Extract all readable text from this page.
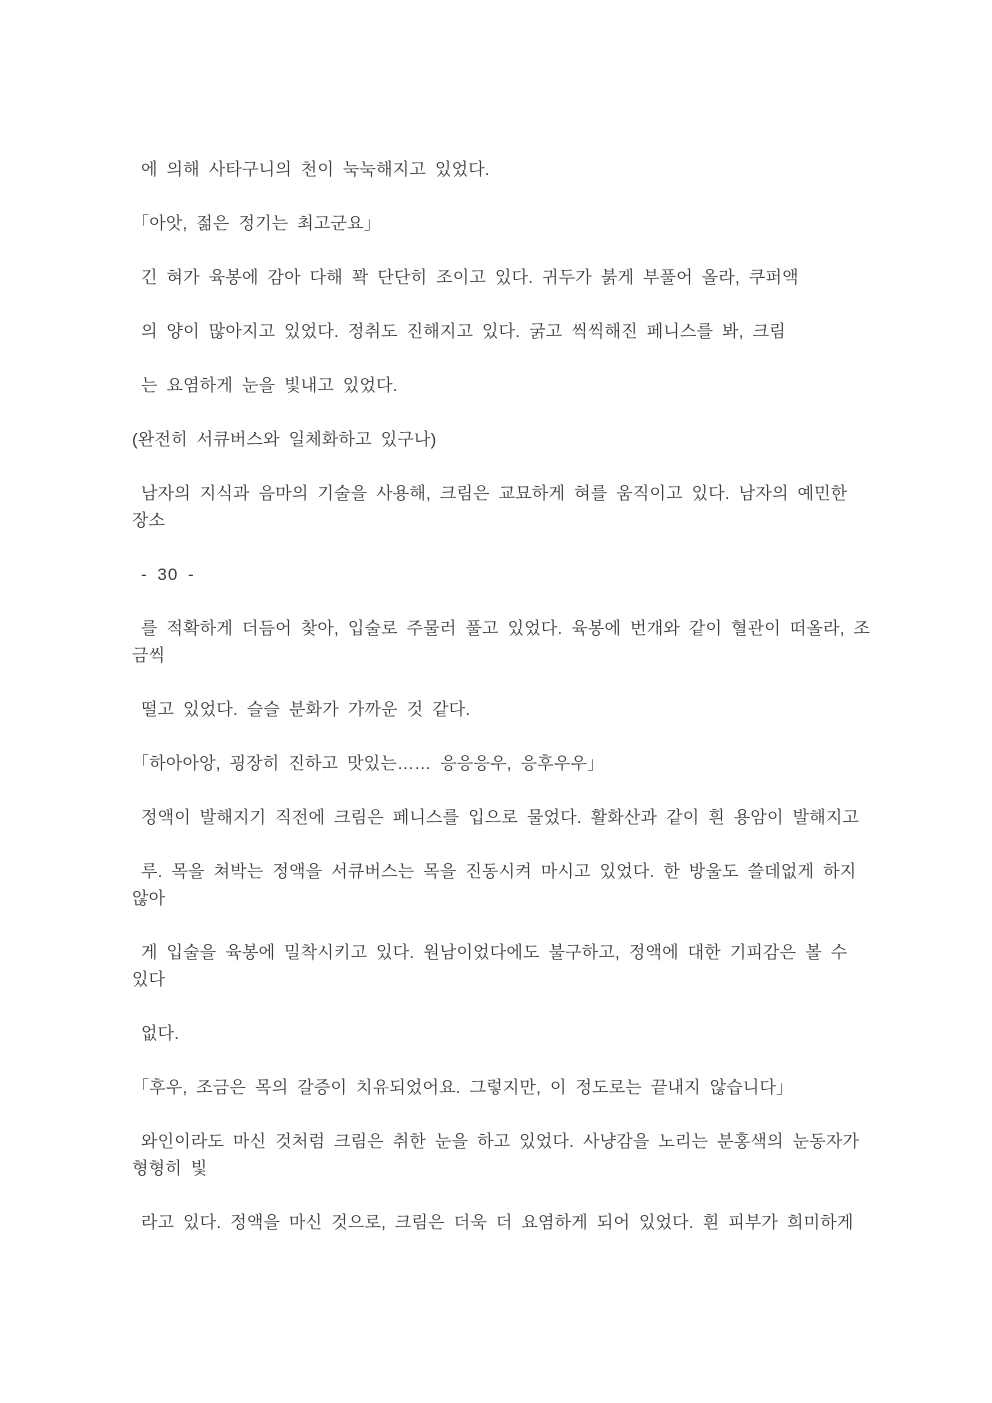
에 의해 사타구니의 천이 눅눅해지고 있었다.
「아앗, 젊은 정기는 최고군요」
긴 혀가 육봉에 감아 다해 꽉 단단히 조이고 있다. 귀두가 붉게 부풀어 올라, 쿠퍼액
의 양이 많아지고 있었다. 정취도 진해지고 있다. 굵고 씩씩해진 페니스를 봐, 크림
는 요염하게 눈을 빛내고 있었다.
(완전히 서큐버스와 일체화하고 있구나)
남자의 지식과 음마의 기술을 사용해, 크림은 교묘하게 혀를 움직이고 있다. 남자의 예민한
장소
- 30 -
를 적확하게 더듬어 찾아, 입술로 주물러 풀고 있었다. 육봉에 번개와 같이 혈관이 떠올라, 조
금씩
떨고 있었다. 슬슬 분화가 가까운 것 같다.
「하아아앙, 굉장히 진하고 맛있는…… 응응응우, 응후우우」
정액이 발해지기 직전에 크림은 페니스를 입으로 물었다. 활화산과 같이 흰 용암이 발해지고
루. 목을 쳐박는 정액을 서큐버스는 목을 진동시켜 마시고 있었다. 한 방울도 쓸데없게 하지
않아
게 입술을 육봉에 밀착시키고 있다. 원남이었다에도 불구하고, 정액에 대한 기피감은 볼 수
있다
없다.
「후우, 조금은 목의 갈증이 치유되었어요. 그렇지만, 이 정도로는 끝내지 않습니다」
와인이라도 마신 것처럼 크림은 취한 눈을 하고 있었다. 사냥감을 노리는 분홍색의 눈동자가
형형히 빛
라고 있다. 정액을 마신 것으로, 크림은 더욱 더 요염하게 되어 있었다. 흰 피부가 희미하게
